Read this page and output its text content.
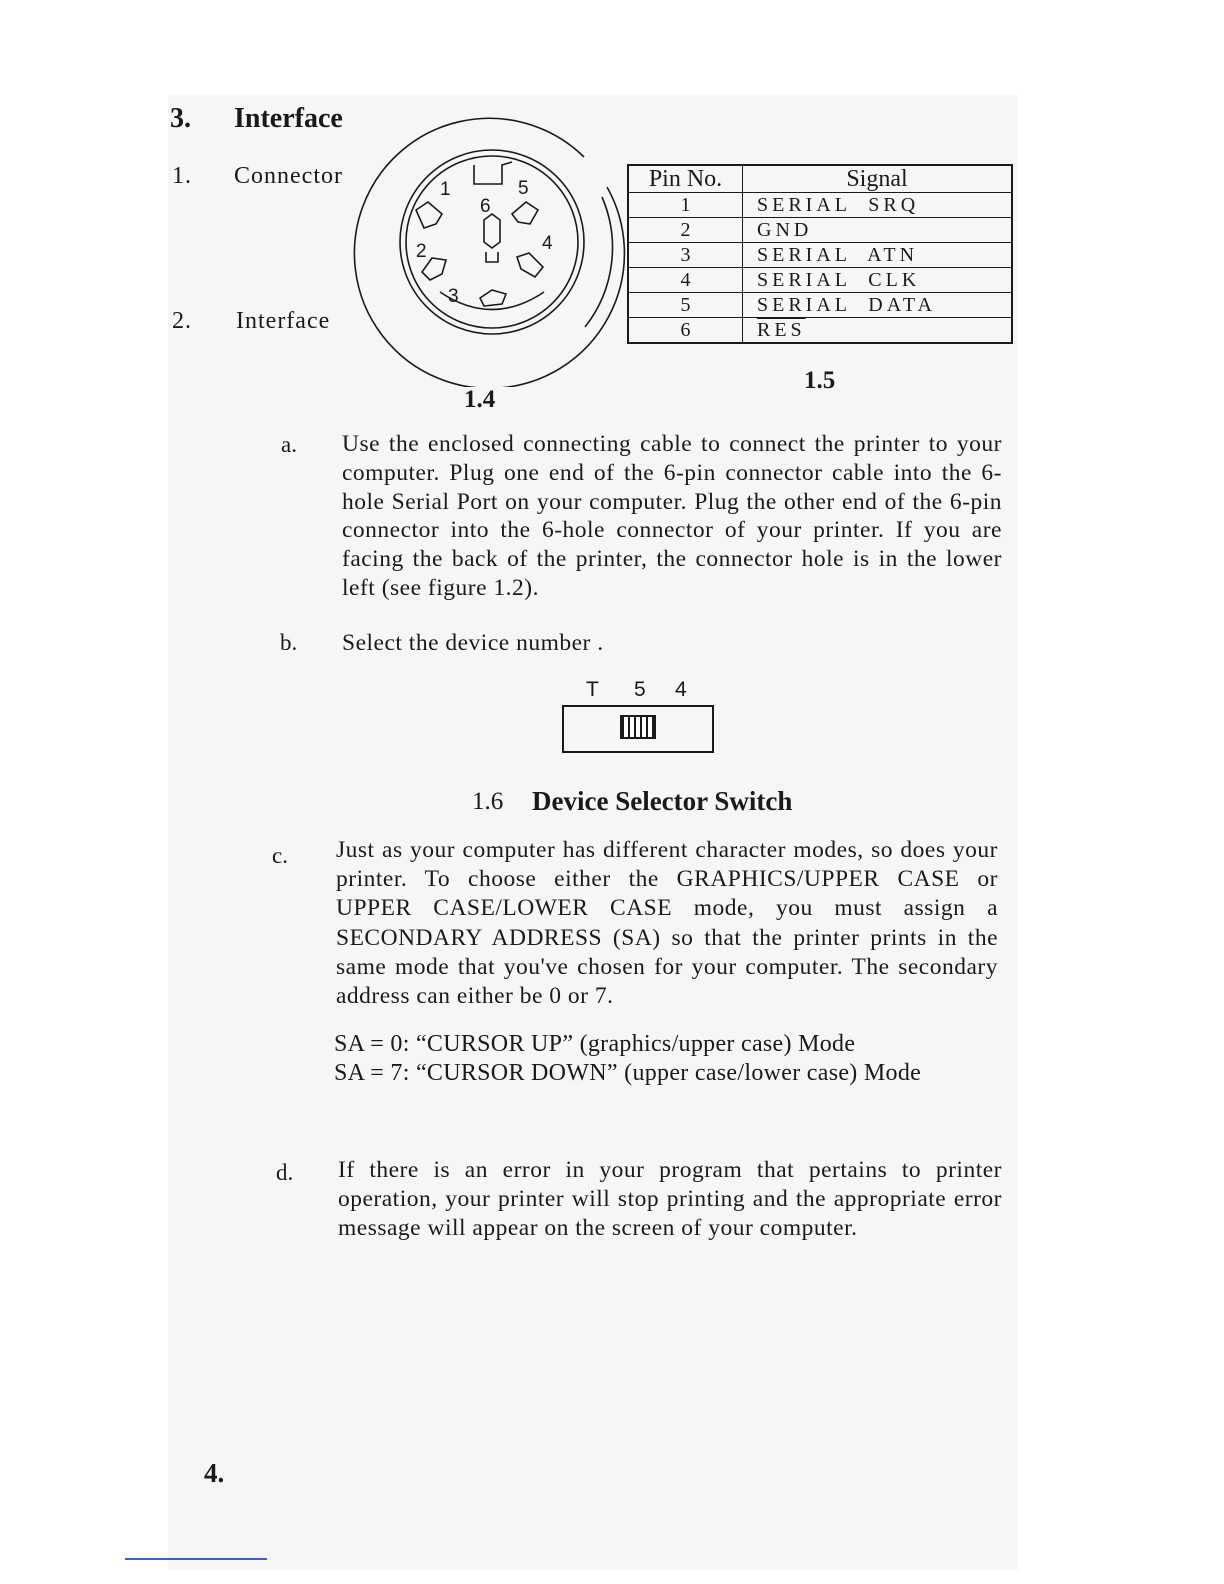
3. Interface
1. Connector
2. Interface
1	5
6
2	4
3
1.4
1.5
Pin No.	Signal
1	SERIAL  SRQ
2	GND
3	SERIAL  ATN
4	SERIAL  CLK
5	SERIAL  DATA
6	$\overline{RES}$
a. Use the enclosed connecting cable to connect the printer to your computer. Plug one end of the 6-pin connector cable into the 6-hole Serial Port on your computer. Plug the other end of the 6-pin connector into the 6-hole connector of your printer. If you are facing the back of the printer, the connector hole is in the lower left (see figure 1.2).
b. Select the device number .
T 5 4
1.6 Device Selector Switch
c. Just as your computer has different character modes, so does your printer. To choose either the GRAPHICS/UPPER CASE or UPPER CASE/LOWER CASE mode, you must assign a SECONDARY ADDRESS (SA) so that the printer prints in the same mode that you've chosen for your computer. The secondary address can either be 0 or 7.
SA = 0: “CURSOR UP” (graphics/upper case) Mode
SA = 7: “CURSOR DOWN” (upper case/lower case) Mode
d. If there is an error in your program that pertains to printer operation, your printer will stop printing and the appropriate error message will appear on the screen of your computer.
4.
